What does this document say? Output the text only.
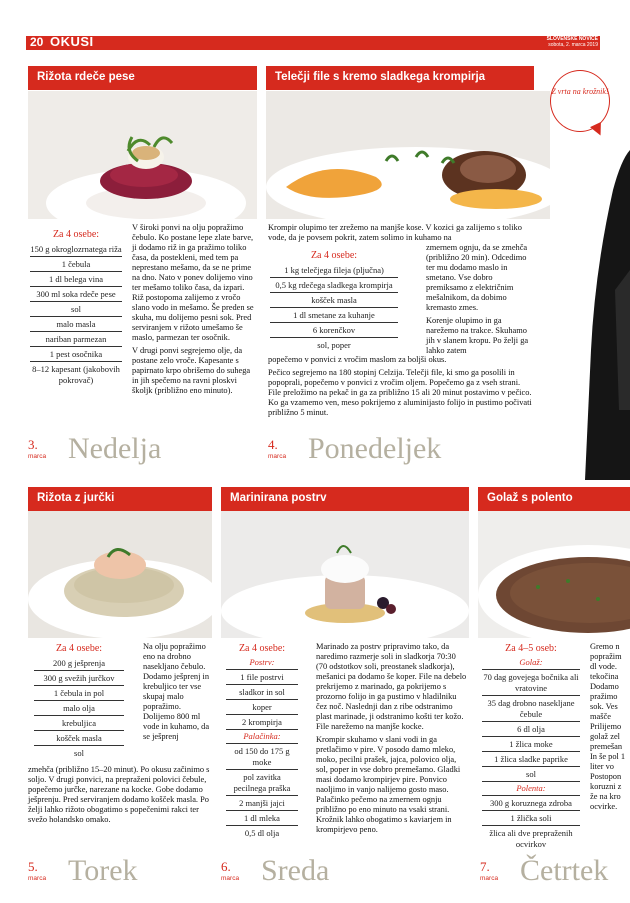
20 OKUSI	SLOVENSKE NOVICE
sobota, 2. marca 2019
Rižota rdeče pese
Za 4 osebe:
150 g okroglozrnatega riža
1 čebula
1 dl belega vina
300 ml soka rdeče pese
sol
malo masla
nariban parmezan
1 pest osočnika
8–12 kapesant (jakobovih pokrovač)

V široki ponvi na olju popražimo čebulo. Ko postane lepe zlate barve, ji dodamo riž in ga pražimo toliko časa, da postekleni, med tem pa neprestano mešamo, da se ne prime na dno. Nato v ponev dolijemo vino ter mešamo toliko časa, da izpari. Riž postopoma zalijemo z vročo slano vodo in mešamo. Še preden se skuha, mu dolijemo pesni sok. Pred serviranjem v rižoto umešamo še maslo, parmezan ter osočnik.

V drugi ponvi segrejemo olje, da postane zelo vroče. Kapesante s papirnato krpo obrišemo do suhega in jih spečemo na ravni ploskvi školjk (približno eno minuto).

3.
marca Nedelja
Telečji file s kremo sladkega krompirja
Z vrta na krožnik!
Krompir olupimo ter zrežemo na manjše kose. V kozici ga zalijemo s toliko vode, da je povsem pokrit, zatem solimo in kuhamo na
Za 4 osebe:
1 kg telečjega fileja (pljučna)
0,5 kg rdečega sladkega krompirja
košček masla
1 dl smetane za kuhanje
6 korenčkov
sol, poper

zmernem ognju, da se zmehča (približno 20 min). Odcedimo ter mu dodamo maslo in smetano. Vse dobro premiksamo z električnim mešalnikom, da dobimo kremasto zmes.

Korenje olupimo in ga narežemo na trakce. Skuhamo jih v slanem kropu. Po želji ga lahko zatem

popečemo v ponvici z vročim maslom za boljši okus.

Pečico segrejemo na 180 stopinj Celzija. Telečji file, ki smo ga posolili in popoprali, popečemo v ponvici z vročim oljem. Popečemo ga z vseh strani. File preložimo na pekač in ga za približno 15 ali 20 minut postavimo v pečico. Ko ga vzamemo ven, meso pokrijemo z aluminijasto folijo in pustimo počivati približno 5 minut.

4.
marca Ponedeljek
Rižota z jurčki
Za 4 osebe:
200 g ješprenja
300 g svežih jurčkov
1 čebula in pol
malo olja
krebuljica
košček masla
sol
Na olju popražimo eno na drobno nasekljano čebulo. Dodamo ješprenj in krebuljico ter vse skupaj malo popražimo. Dolijemo 800 ml vode in kuhamo, da se ješprenj
zmehča (približno 15–20 minut). Po okusu začinimo s soljo. V drugi ponvici, na prepraženi polovici čebule, popečemo jurčke, narezane na kocke. Gobe dodamo ješprenju. Pred serviranjem dodamo košček masla. Po želji lahko rižoto obogatimo s popečenimi rakci ter svežo holandsko omako.
5.
marca Torek
Marinirana postrv
Za 4 osebe:
Postrv:
1 file postrvi
sladkor in sol
koper
2 krompirja
Palačinka:
od 150 do 175 g moke
pol zavitka pecilnega praška
2 manjši jajci
1 dl mleka
0,5 dl olja

Marinado za postrv pripravimo tako, da naredimo razmerje soli in sladkorja 70:30 (70 odstotkov soli, preostanek sladkorja), mešanici pa dodamo še koper. File na debelo prekrijemo z marinado, ga pokrijemo s prozorno folijo in ga pustimo v hladilniku čez noč. Naslednji dan z ribe odstranimo plast marinade, ji odstranimo košti ter kožo. File narežemo na manjše kocke.

Krompir skuhamo v slani vodi in ga pretlačimo v pire. V posodo damo mleko, moko, pecilni prašek, jajca, polovico olja, sol, poper in vse dobro premešamo. Gladki masi dodamo krompirjev pire. Ponvico naoljimo in vanjo nalijemo gosto maso. Palačinko pečemo na zmernem ognju približno po eno minuto na vsaki strani. Krožnik lahko obogatimo s kaviarjem in krompirjevo peno.

6.
marca Sreda
Golaž s polento
Za 4–5 oseb:
Golaž:
70 dag govejega bočnika ali vratovine
35 dag drobno nasekljane čebule
6 dl olja
1 žlica moke
1 žlica sladke paprike
sol
Polenta:
300 g koruznega zdroba
1 žlička soli
žlica ali dve prepraženih ocvirkov
Gremo n popražim dl vode. tekočina Dodamo pražimo sok. Ves mašče Prilijemo golaž zel premešan In še pol 1 liter vo Postopon koruzni z že na kro ocvirke.
7.
marca Četrtek
